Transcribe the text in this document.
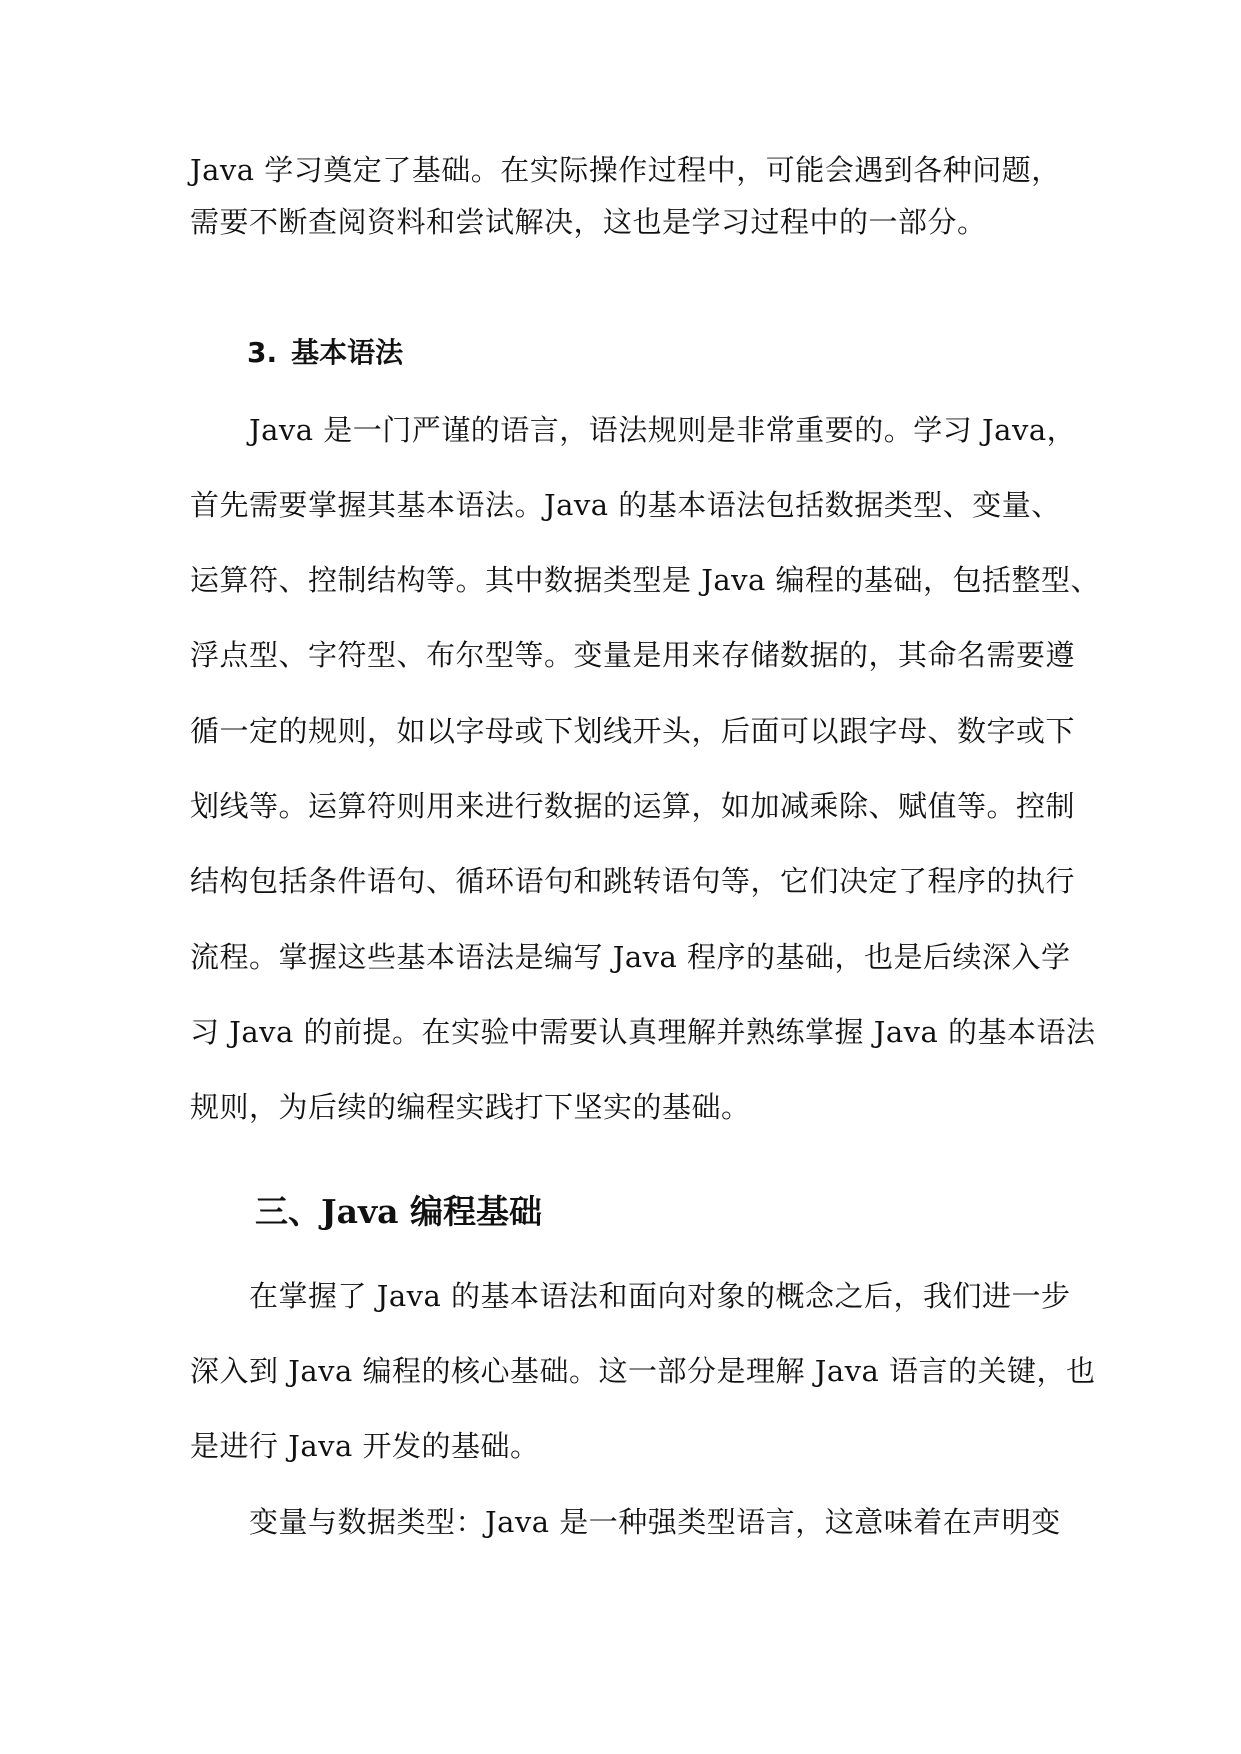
Java 学习奠定了基础。在实际操作过程中，可能会遇到各种问题，
需要不断查阅资料和尝试解决，这也是学习过程中的一部分。
3. 基本语法
Java 是一门严谨的语言，语法规则是非常重要的。学习 Java，
首先需要掌握其基本语法。Java 的基本语法包括数据类型、变量、
运算符、控制结构等。其中数据类型是 Java 编程的基础，包括整型、
浮点型、字符型、布尔型等。变量是用来存储数据的，其命名需要遵
循一定的规则，如以字母或下划线开头，后面可以跟字母、数字或下
划线等。运算符则用来进行数据的运算，如加减乘除、赋值等。控制
结构包括条件语句、循环语句和跳转语句等，它们决定了程序的执行
流程。掌握这些基本语法是编写 Java 程序的基础，也是后续深入学
习 Java 的前提。在实验中需要认真理解并熟练掌握 Java 的基本语法
规则，为后续的编程实践打下坚实的基础。
三、Java 编程基础
在掌握了 Java 的基本语法和面向对象的概念之后，我们进一步
深入到 Java 编程的核心基础。这一部分是理解 Java 语言的关键，也
是进行 Java 开发的基础。
变量与数据类型：Java 是一种强类型语言，这意味着在声明变
